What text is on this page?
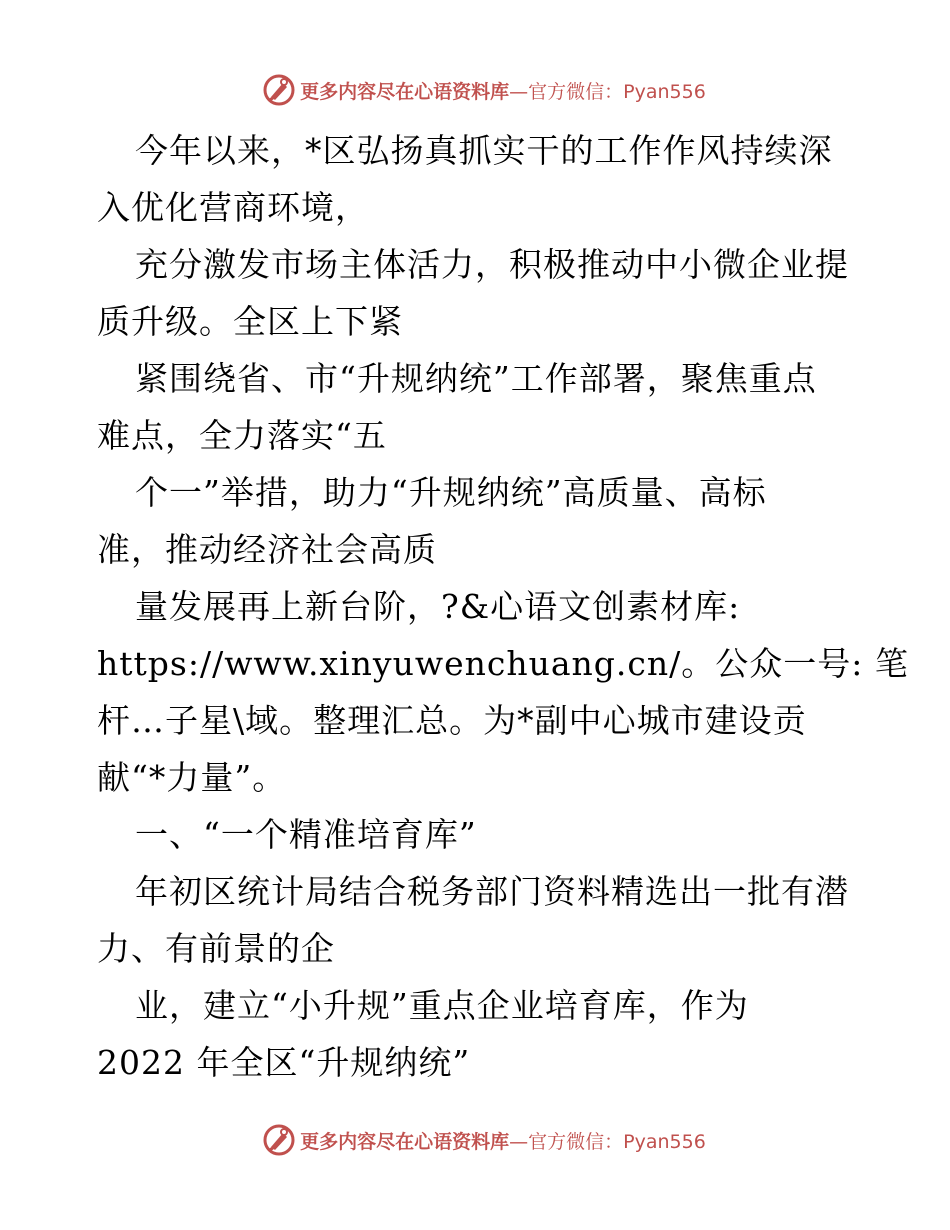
更多内容尽在心语资料库—官方微信：Pyan556
今年以来，*区弘扬真抓实干的工作作风持续深
入优化营商环境，
充分激发市场主体活力，积极推动中小微企业提
质升级。全区上下紧
紧围绕省、市“升规纳统”工作部署，聚焦重点
难点，全力落实“五
个一”举措，助力“升规纳统”高质量、高标
准，推动经济社会高质
量发展再上新台阶，?&心语文创素材库:
https://www.xinyuwenchuang.cn/。公众一号: 笔
杆…子星\域。整理汇总。为*副中心城市建设贡
献“*力量”。
一、“一个精准培育库”
年初区统计局结合税务部门资料精选出一批有潜
力、有前景的企
业，建立“小升规”重点企业培育库，作为
2022 年全区“升规纳统”
更多内容尽在心语资料库—官方微信：Pyan556
